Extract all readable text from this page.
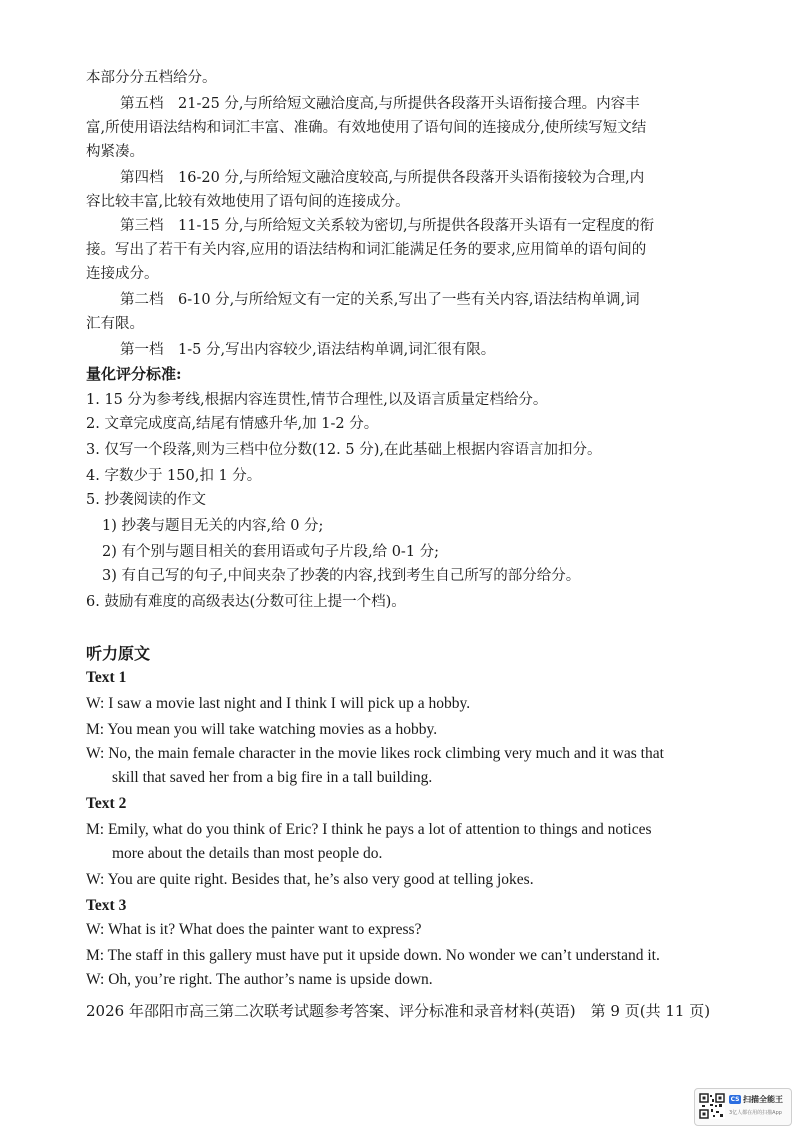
本部分分五档给分。
第五档　21-25 分,与所给短文融洽度高,与所提供各段落开头语衔接合理。内容丰
富,所使用语法结构和词汇丰富、准确。有效地使用了语句间的连接成分,使所续写短文结
构紧凑。
第四档　16-20 分,与所给短文融洽度较高,与所提供各段落开头语衔接较为合理,内
容比较丰富,比较有效地使用了语句间的连接成分。
第三档　11-15 分,与所给短文关系较为密切,与所提供各段落开头语有一定程度的衔
接。写出了若干有关内容,应用的语法结构和词汇能满足任务的要求,应用简单的语句间的
连接成分。
第二档　6-10 分,与所给短文有一定的关系,写出了一些有关内容,语法结构单调,词
汇有限。
第一档　1-5 分,写出内容较少,语法结构单调,词汇很有限。
量化评分标准:
1. 15 分为参考线,根据内容连贯性,情节合理性,以及语言质量定档给分。
2. 文章完成度高,结尾有情感升华,加 1-2 分。
3. 仅写一个段落,则为三档中位分数(12. 5 分),在此基础上根据内容语言加扣分。
4. 字数少于 150,扣 1 分。
5. 抄袭阅读的作文
1) 抄袭与题目无关的内容,给 0 分;
2) 有个别与题目相关的套用语或句子片段,给 0-1 分;
3) 有自己写的句子,中间夹杂了抄袭的内容,找到考生自己所写的部分给分。
6. 鼓励有难度的高级表达(分数可往上提一个档)。
听力原文
Text 1
W: I saw a movie last night and I think I will pick up a hobby.
M: You mean you will take watching movies as a hobby.
W: No, the main female character in the movie likes rock climbing very much and it was that
skill that saved her from a big fire in a tall building.
Text 2
M: Emily, what do you think of Eric? I think he pays a lot of attention to things and notices
more about the details than most people do.
W: You are quite right. Besides that, he’s also very good at telling jokes.
Text 3
W: What is it? What does the painter want to express?
M: The staff in this gallery must have put it upside down. No wonder we can’t understand it.
W: Oh, you’re right. The author’s name is upside down.
2026 年邵阳市高三第二次联考试题参考答案、评分标准和录音材料(英语)　第 9 页(共 11 页)
CS 扫描全能王
3亿人都在用的扫描App
